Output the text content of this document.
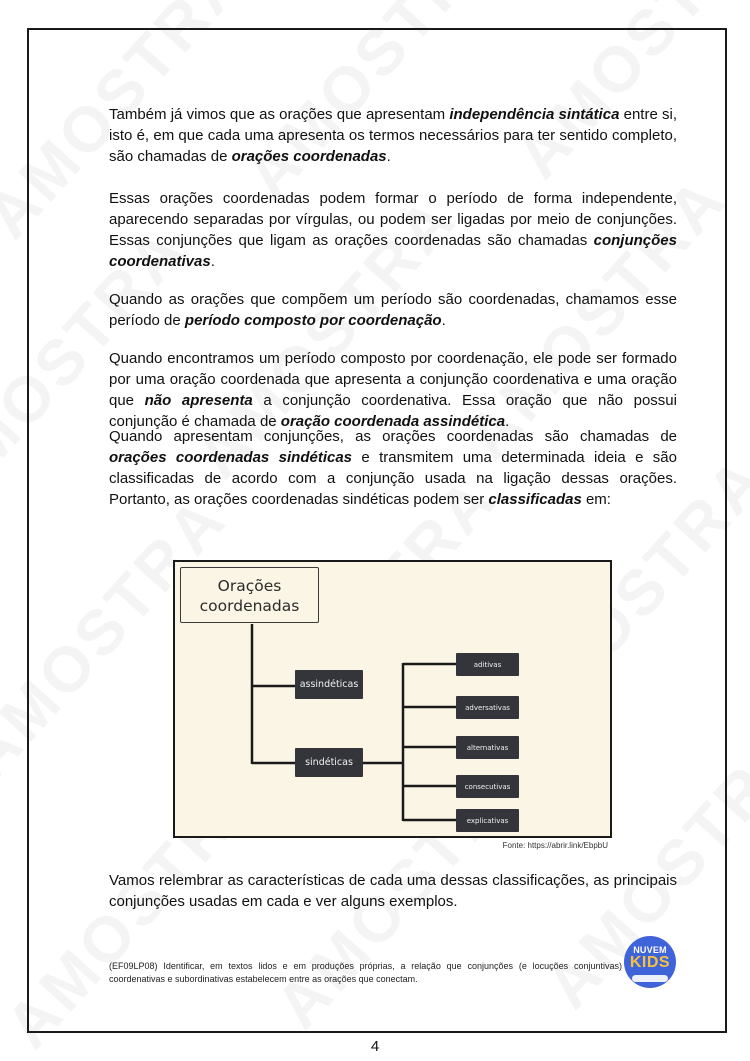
Também já vimos que as orações que apresentam independência sintática entre si, isto é, em que cada uma apresenta os termos necessários para ter sentido completo, são chamadas de orações coordenadas.

Essas orações coordenadas podem formar o período de forma independente, aparecendo separadas por vírgulas, ou podem ser ligadas por meio de conjunções. Essas conjunções que ligam as orações coordenadas são chamadas conjunções coordenativas.

Quando as orações que compõem um período são coordenadas, chamamos esse período de período composto por coordenação.

Quando encontramos um período composto por coordenação, ele pode ser formado por uma oração coordenada que apresenta a conjunção coordenativa e uma oração que não apresenta a conjunção coordenativa. Essa oração que não possui conjunção é chamada de oração coordenada assindética.

Quando apresentam conjunções, as orações coordenadas são chamadas de orações coordenadas sindéticas e transmitem uma determinada ideia e são classificadas de acordo com a conjunção usada na ligação dessas orações. Portanto, as orações coordenadas sindéticas podem ser classificadas em:

Orações coordenadas
assindéticas
sindéticas
aditivas
adversativas
alternativas
consecutivas
explicativas
Fonte: https://abrir.link/EbpbU

Vamos relembrar as características de cada uma dessas classificações, as principais conjunções usadas em cada e ver alguns exemplos.

(EF09LP08) Identificar, em textos lidos e em produções próprias, a relação que conjunções (e locuções conjuntivas) coordenativas e subordinativas estabelecem entre as orações que conectam.
NUVEM
KIDS
4
